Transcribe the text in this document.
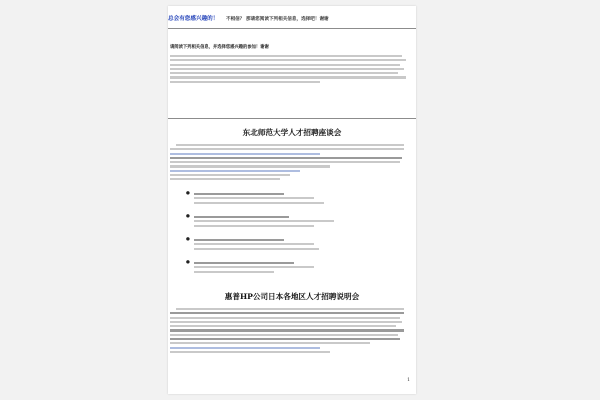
总会有您感兴趣的！ 不相信？ 那请您阅读下列相关信息，选择吧！谢谢
请阅读下列相关信息，并选择您感兴趣的参加！谢谢
东北师范大学人才招聘座谈会
●
●
●
●
惠普HP公司日本各地区人才招聘说明会
1
